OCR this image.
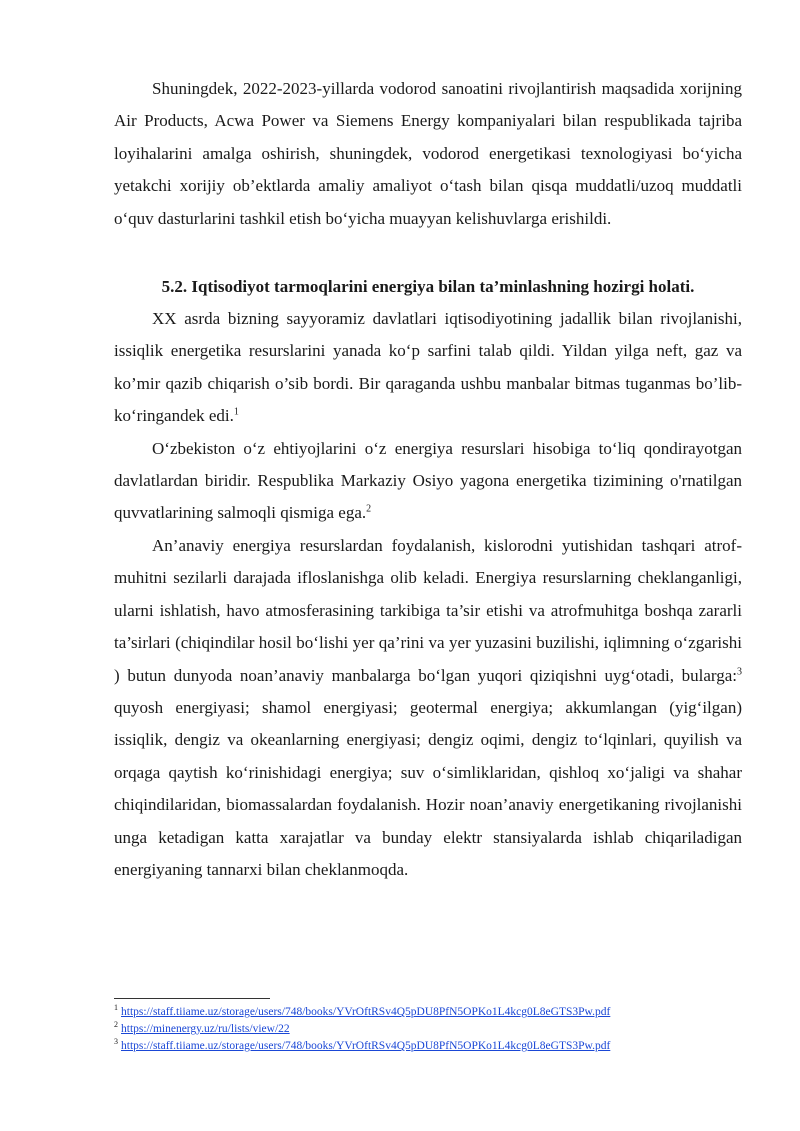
Shuningdek, 2022-2023-yillarda vodorod sanoatini rivojlantirish maqsadida xorijning Air Products, Acwa Power va Siemens Energy kompaniyalari bilan respublikada tajriba loyihalarini amalga oshirish, shuningdek, vodorod energetikasi texnologiyasi bo‘yicha yetakchi xorijiy ob’ektlarda amaliy amaliyot o‘tash bilan qisqa muddatli/uzoq muddatli o‘quv dasturlarini tashkil etish bo‘yicha muayyan kelishuvlarga erishildi.

5.2. Iqtisodiyot tarmoqlarini energiya bilan ta’minlashning hozirgi holati.

XX asrda bizning sayyoramiz davlatlari iqtisodiyotining jadallik bilan rivojlanishi, issiqlik energetika resurslarini yanada ko‘p sarfini talab qildi. Yildan yilga neft, gaz va ko’mir qazib chiqarish o’sib bordi. Bir qaraganda ushbu manbalar bitmas tuganmas bo’lib-ko‘ringandek edi.$^1$

O‘zbekiston o‘z ehtiyojlarini o‘z energiya resurslari hisobiga to‘liq qondirayotgan davlatlardan biridir. Respublika Markaziy Osiyo yagona energetika tizimining o'rnatilgan quvvatlarining salmoqli qismiga ega.$^2$

An’anaviy energiya resurslardan foydalanish, kislorodni yutishidan tashqari atrof-muhitni sezilarli darajada ifloslanishga olib keladi. Energiya resurslarning cheklanganligi, ularni ishlatish, havo atmosferasining tarkibiga ta’sir etishi va atrofmuhitga boshqa zararli ta’sirlari (chiqindilar hosil bo‘lishi yer qa’rini va yer yuzasini buzilishi, iqlimning o‘zgarishi ) butun dunyoda noan’anaviy manbalarga bo‘lgan yuqori qiziqishni uyg‘otadi, bularga:$^3$ quyosh energiyasi; shamol energiyasi; geotermal energiya; akkumlangan (yig‘ilgan) issiqlik, dengiz va okeanlarning energiyasi; dengiz oqimi, dengiz to‘lqinlari, quyilish va orqaga qaytish ko‘rinishidagi energiya; suv o‘simliklaridan, qishloq xo‘jaligi va shahar chiqindilaridan, biomassalardan foydalanish. Hozir noan’anaviy energetikaning rivojlanishi unga ketadigan katta xarajatlar va bunday elektr stansiyalarda ishlab chiqariladigan energiyaning tannarxi bilan cheklanmoqda.

$^1$ https://staff.tiiame.uz/storage/users/748/books/YVrOftRSv4Q5pDU8PfN5OPKo1L4kcg0L8eGTS3Pw.pdf
$^2$ https://minenergy.uz/ru/lists/view/22
$^3$ https://staff.tiiame.uz/storage/users/748/books/YVrOftRSv4Q5pDU8PfN5OPKo1L4kcg0L8eGTS3Pw.pdf
